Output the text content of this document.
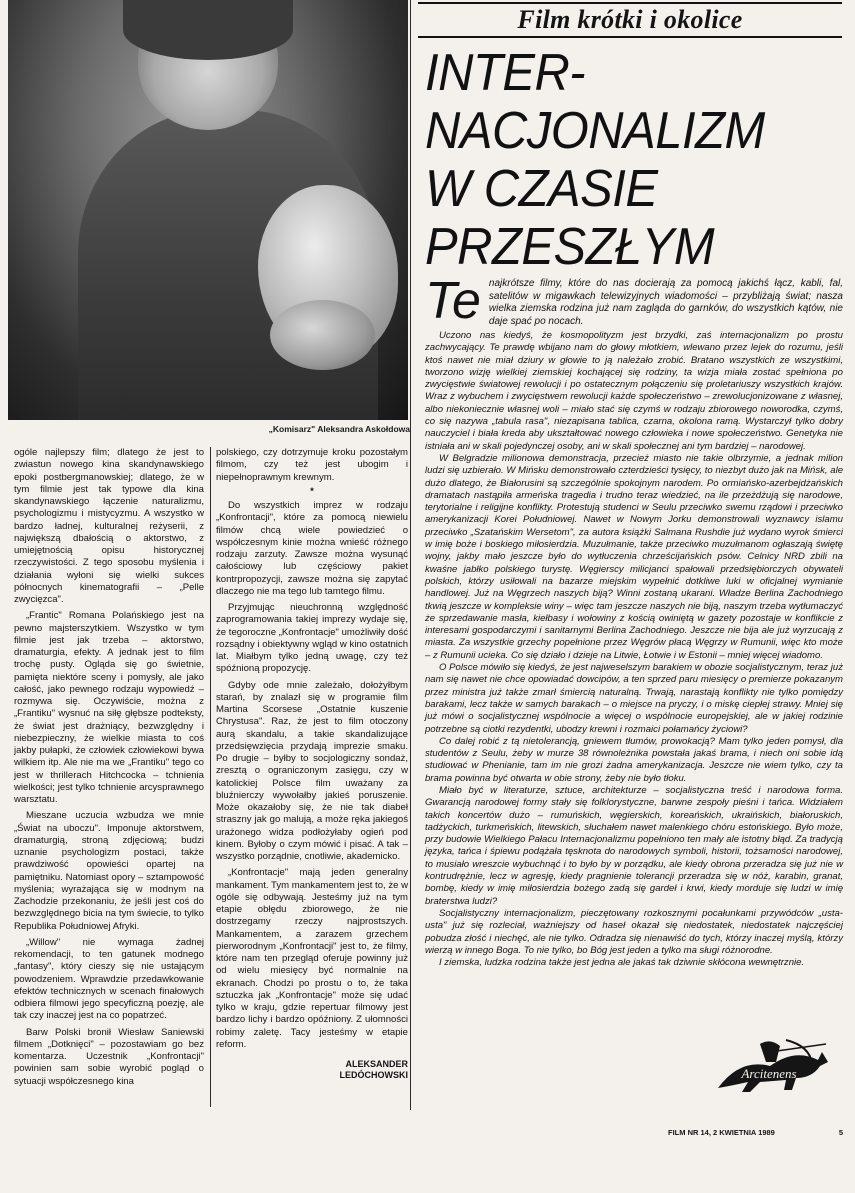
„Komisarz" Aleksandra Askołdowa
Film krótki i okolice
INTER-
NACJONALIZM
W CZASIE
PRZESZŁYM
Te najkrótsze filmy, które do nas docierają za pomocą jakichś łącz, kabli, fal, satelitów w migawkach telewizyjnych wiadomości – przybliżają świat; nasza wielka ziemska rodzina już nam zagląda do garnków, do wszystkich kątów, nie daje spać po nocach.

Uczono nas kiedyś, że kosmopolityzm jest brzydki, zaś internacjonalizm po prostu zachwycający. Te prawdę wbijano nam do głowy młotkiem, wlewano przez lejek do rozumu, jeśli ktoś nawet nie miał dziury w głowie to ją należało zrobić. Bratano wszystkich ze wszystkimi, tworzono wizję wielkiej ziemskiej kochającej się rodziny, ta wizja miała zostać spełniona po zwycięstwie światowej rewolucji i po ostatecznym połączeniu się proletariuszy wszystkich krajów. Wraz z wybuchem i zwycięstwem rewolucji każde społeczeństwo – zrewolucjonizowane z własnej, albo niekoniecznie własnej woli – miało stać się czymś w rodzaju zbiorowego noworodka, czymś, co się nazywa „tabula rasa", niezapisana tablica, czarna, okolona ramą. Wystarczył tylko dobry nauczyciel i biała kreda aby ukształtować nowego człowieka i nowe społeczeństwo. Genetyka nie istniała ani w skali pojedynczej osoby, ani w skali społecznej ani tym bardziej – narodowej.

W Belgradzie milionowa demonstracja, przecież miasto nie takie olbrzymie, a jednak milion ludzi się uzbierało. W Mińsku demonstrowało czterdzieści tysięcy, to niezbyt dużo jak na Mińsk, ale dużo dlatego, że Białorusini są szczególnie spokojnym narodem. Po ormiańsko-azerbejdżańskich dramatach nastąpiła armeńska tragedia i trudno teraz wiedzieć, na ile przeżdżują się narodowe, terytorialne i religijne konflikty. Protestują studenci w Seulu przeciwko swemu rządowi i przeciwko amerykanizacji Korei Południowej. Nawet w Nowym Jorku demonstrowali wyznawcy islamu przeciwko „Szatańskim Wersetom", za autora książki Salmana Rushdie już wydano wyrok śmierci w imię boże i boskiego miłosierdzia. Muzułmanie, także przeciwko muzułmanom ogłaszają świętę wojny, jakby mało jeszcze było do wytłuczenia chrześcijańskich psów. Celnicy NRD zbili na kwaśne jabłko polskiego turystę. Węgierscy milicjanci spałowali przedsiębiorczych obywateli polskich, którzy usiłowali na bazarze miejskim wypełnić dotkliwe luki w oficjalnej wymianie handlowej. Już na Węgrzech naszych biją? Winni zostaną ukarani. Władze Berlina Zachodniego tkwią jeszcze w kompleksie winy – więc tam jeszcze naszych nie biją, naszym trzeba wytłumaczyć że sprzedawanie masła, kiełbasy i wołowiny z kością owiniętą w gazety pozostaje w konflikcie z interesami gospodarczymi i sanitarnymi Berlina Zachodniego. Jeszcze nie bija ale już wyrzucają z miasta. Za wszystkie grzechy popełnione przez Węgrów płacą Węgrzy w Rumunii, więc kto może – z Rumunii ucieka. Co się działo i dzieje na Litwie, Łotwie i w Estonii – mniej więcej wiadomo.

O Polsce mówiło się kiedyś, że jest najweselszym barakiem w obozie socjalistycznym, teraz już nam się nawet nie chce opowiadać dowcipów, a ten sprzed paru miesięcy o premierze pokazanym przez ministra już także zmarł śmiercią naturalną. Trwają, narastają konflikty nie tylko pomiędzy barakami, lecz także w samych barakach – o miejsce na pryczy, i o miskę ciepłej strawy. Mniej się już mówi o socjalistycznej wspólnocie a więcej o wspólnocie europejskiej, ale w jakiej rodzinie potrzebne są ciotki rezydentki, ubodzy krewni i rozmaici połamańcy życiowi?

Co dalej robić z tą nietolerancją, gniewem tłumów, prowokacją? Mam tylko jeden pomysł, dla studentów z Seulu, żeby w murze 38 równoleżnika powstała jakaś brama, i niech oni sobie idą studiować w Phenianie, tam im nie grozi żadna amerykanizacja. Jeszcze nie wiem tylko, czy ta brama powinna być otwarta w obie strony, żeby nie było tłoku.

Miało być w literaturze, sztuce, architekturze – socjalistyczna treść i narodowa forma. Gwarancją narodowej formy stały się folklorystyczne, barwne zespoły pieśni i tańca. Widziałem takich koncertów dużo – rumuńskich, węgierskich, koreańskich, ukraińskich, białoruskich, tadżyckich, turkmeńskich, litewskich, słuchałem nawet malenkiego chóru estońskiego. Było może, przy budowie Wielkiego Pałacu Internacjonalizmu popełniono ten mały ale istotny błąd. Za tradycją języka, tańca i śpiewu podążała tęsknota do narodowych symboli, historii, tożsamości narodowej, to musiało wreszcie wybuchnąć i to było by w porządku, ale kiedy obrona przeradza się już nie w kontrudrężnie, lecz w agresję, kiedy pragnienie tolerancji przeradza się w nóż, karabin, granat, bombę, kiedy w imię miłosierdzia bożego zadą się gardeł i krwi, kiedy morduje się ludzi w imię braterstwa ludzi?

Socjalistyczny internacjonalizm, pieczętowany rozkosznymi pocałunkami przywódców „usta-usta" już się rozleciał, ważniejszy od haseł okazał się niedostatek, niedostatek najczęściej pobudza złość i niechęć, ale nie tylko. Odradza się nienawiść do tych, którzy inaczej myślą, którzy wierzą w innego Boga. To nie tylko, bo Bóg jest jeden a tylko ma sługi różnorodne.

I ziemska, ludzka rodzina także jest jedna ale jakaś tak dziwnie skłócona wewnętrznie.

ogóle najlepszy film; dlatego że jest to zwiastun nowego kina skandynawskiego epoki postbergmanowskiej; dlatego, że w tym filmie jest tak typowe dla kina skandynawskiego łączenie naturalizmu, psychologizmu i mistycyzmu. A wszystko w bardzo ładnej, kulturalnej reżyserii, z największą dbałością o aktorstwo, z umiejętnością opisu historycznej rzeczywistości. Z tego sposobu myślenia i działania wyłoni się wielki sukces północnych kinematografii – „Pelle zwycięzca".

„Frantic" Romana Polańskiego jest na pewno majsterszytkiem. Wszystko w tym filmie jest jak trzeba – aktorstwo, dramaturgia, efekty. A jednak jest to film trochę pusty. Ogląda się go świetnie, pamięta niektóre sceny i pomysły, ale jako całość, jako pewnego rodzaju wypowiedź – rozmywa się. Oczywiście, można z „Frantiku" wysnuć na siłę głębsze podteksty, że świat jest drażniący, bezwzględny i niebezpieczny, że wielkie miasta to coś jakby pułapki, że człowiek człowiekowi bywa wilkiem itp. Ale nie ma we „Frantiku" tego co jest w thrillerach Hitchcocka – tchnienia wielkości; jest tylko tchnienie arcysprawnego warsztatu.

Mieszane uczucia wzbudza we mnie „Świat na uboczu". Imponuje aktorstwem, dramaturgią, stroną zdjęciową; budzi uznanie psychologizm postaci, także prawdziwość opowieści opartej na pamiętniku. Natomiast opory – sztampowość myślenia; wyrażająca się w modnym na Zachodzie przekonaniu, że jeśli jest coś do bezwzględnego bicia na tym świecie, to tylko Republika Południowej Afryki.

„Willow" nie wymaga żadnej rekomendacji, to ten gatunek modnego „fantasy", który cieszy się nie ustającym powodzeniem. Wprawdzie przedawkowanie efektów technicznych w scenach finałowych odbiera filmowi jego specyficzną poezję, ale tak czy inaczej jest na co popatrzeć.

Barw Polski bronił Wiesław Saniewski filmem „Dotknięci" – pozostawiam go bez komentarza. Uczestnik „Konfrontacji" powinien sam sobie wyrobić pogląd o sytuacji współczesnego kina

polskiego, czy dotrzymuje kroku pozostałym filmom, czy też jest ubogim i niepełnoprawnym krewnym.

*

Do wszystkich imprez w rodzaju „Konfrontacji", które za pomocą niewielu filmów chcą wiele powiedzieć o współczesnym kinie można wnieść różnego rodzaju zarzuty. Zawsze można wysunąć całościowy lub częściowy pakiet kontrpropozycji, zawsze można się zapytać dlaczego nie ma tego lub tamtego filmu.

Przyjmując nieuchronną względność zaprogramowania takiej imprezy wydaje się, że tegoroczne „Konfrontacje" umożliwiły dość rozsądny i obiektywny wgląd w kino ostatnich lat. Miałbym tylko jedną uwagę, czy też spóźnioną propozycję.

Gdyby ode mnie zależało, dołożyłbym starań, by znalazł się w programie film Martina Scorsese „Ostatnie kuszenie Chrystusa". Raz, że jest to film otoczony aurą skandalu, a takie skandalizujące przedsięwzięcia przydają imprezie smaku. Po drugie – byłby to socjologiczny sondaż, zresztą o ograniczonym zasięgu, czy w katolickiej Polsce film uważany za bluźnierczy wywołałby jakieś poruszenie. Może okazałoby się, że nie tak diabeł straszny jak go malują, a może ręka jakiegoś urażonego widza podłożyłaby ogień pod kinem. Byłoby o czym mówić i pisać. A tak – wszystko porządnie, cnotliwie, akademicko.

„Konfrontacje" mają jeden generalny mankament. Tym mankamentem jest to, że w ogóle się odbywają. Jesteśmy już na tym etapie obłędu zbiorowego, że nie dostrzegamy rzeczy najprostszych. Mankamentem, a zarazem grzechem pierworodnym „Konfrontacji" jest to, że filmy, które nam ten przegląd oferuje powinny już od wielu miesięcy być normalnie na ekranach. Chodzi po prostu o to, że taka sztuczka jak „Konfrontacje" może się udać tylko w kraju, gdzie repertuar filmowy jest bardzo lichy i bardzo opóźniony. Z ułomności robimy zaletę. Tacy jesteśmy w etapie reform.

ALEKSANDER
LEDÓCHOWSKI	Arcitenens
FILM NR 14, 2 KWIETNIA 1989	5
